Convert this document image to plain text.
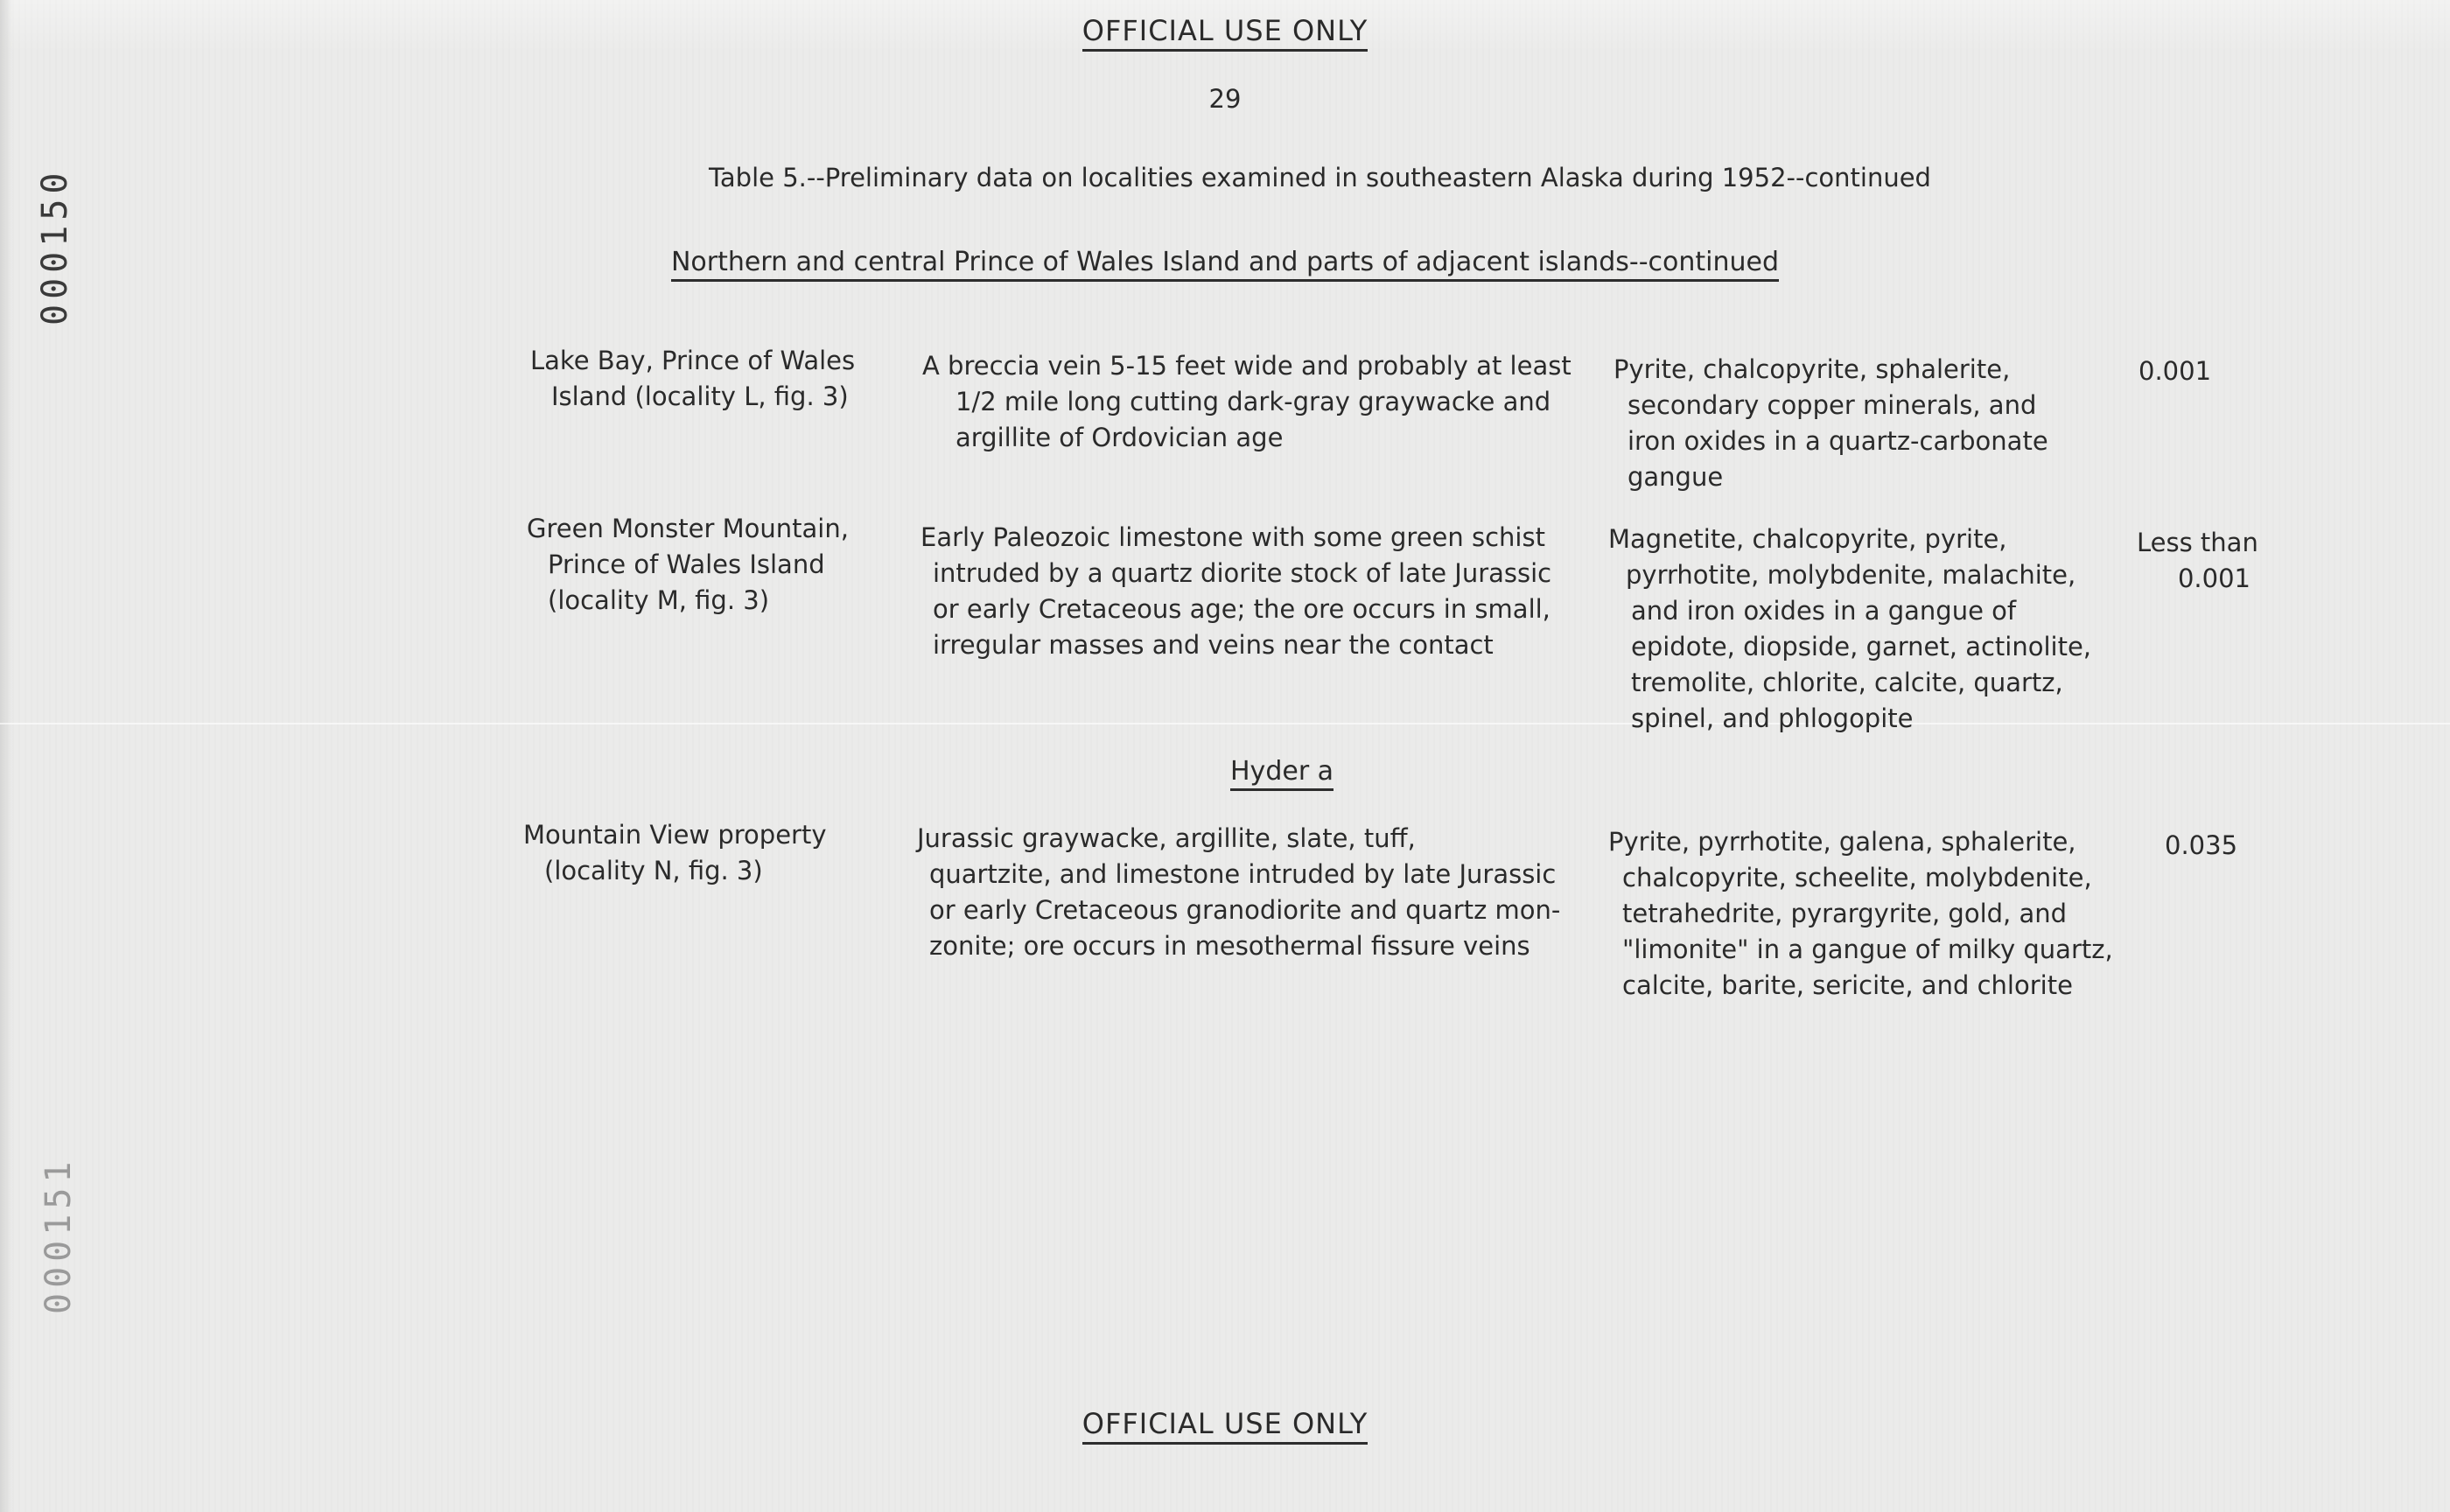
000150
000151
OFFICIAL USE ONLY
29
Table 5.--Preliminary data on localities examined in southeastern Alaska during 1952--continued
Northern and central Prince of Wales Island and parts of adjacent islands--continued
Lake Bay, Prince of Wales
Island (locality L, fig. 3)
A breccia vein 5-15 feet wide and probably at least
1/2 mile long cutting dark-gray graywacke and
argillite of Ordovician age
Pyrite, chalcopyrite, sphalerite,
secondary copper minerals, and
iron oxides in a quartz-carbonate
gangue
0.001
Green Monster Mountain,
Prince of Wales Island
(locality M, fig. 3)
Early Paleozoic limestone with some green schist
intruded by a quartz diorite stock of late Jurassic
or early Cretaceous age; the ore occurs in small,
irregular masses and veins near the contact
Magnetite, chalcopyrite, pyrite,
pyrrhotite, molybdenite, malachite,
and iron oxides in a gangue of
epidote, diopside, garnet, actinolite,
tremolite, chlorite, calcite, quartz,
spinel, and phlogopite
Less than
0.001
Hyder a
Mountain View property
(locality N, fig. 3)
Jurassic graywacke, argillite, slate, tuff,
quartzite, and limestone intruded by late Jurassic
or early Cretaceous granodiorite and quartz mon-
zonite; ore occurs in mesothermal fissure veins
Pyrite, pyrrhotite, galena, sphalerite,
chalcopyrite, scheelite, molybdenite,
tetrahedrite, pyrargyrite, gold, and
"limonite" in a gangue of milky quartz,
calcite, barite, sericite, and chlorite
0.035
OFFICIAL USE ONLY
